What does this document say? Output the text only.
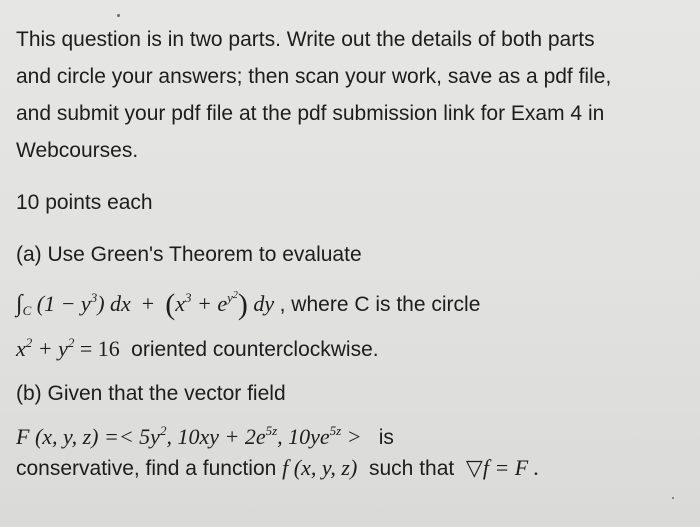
This question is in two parts. Write out the details of both parts
and circle your answers; then scan your work, save as a pdf file,
and submit your pdf file at the pdf submission link for Exam 4 in
Webcourses.
10 points each
(a) Use Green's Theorem to evaluate
$\int_C$ $(1 - y^3)$ dx + $(x^3 + e^{y^2})$ dy , where C is the circle
$x^2 + y^2 = 16$ oriented counterclockwise.
(b) Given that the vector field
F (x, y, $z) =< 5y^2$, $10xy + 2e^{5z}$, $10ye^{5z}$ > is
conservative, find a function f (x, y, z) such that ▽f = F .
